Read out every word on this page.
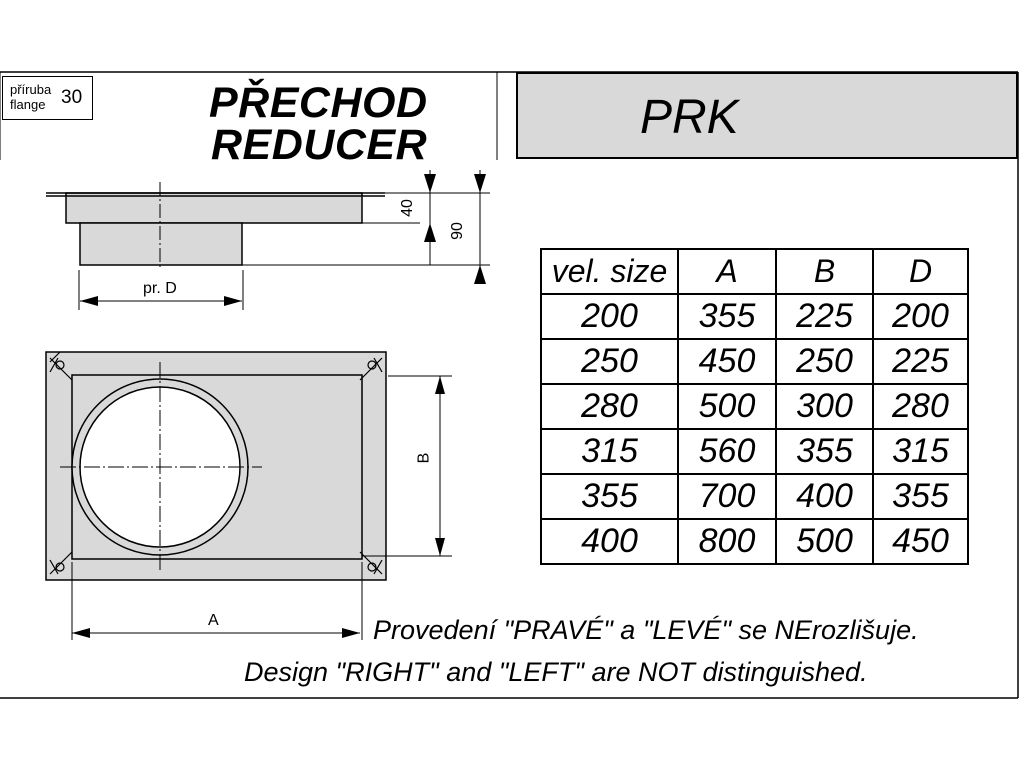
příruba
flange 30	PŘECHOD
REDUCER
PRK
40
90
pr. D
B
A
vel. size	A	B	D
200	355	225	200
250	450	250	225
280	500	300	280
315	560	355	315
355	700	400	355
400	800	500	450
Provedení "PRAVÉ" a "LEVÉ" se NErozlišuje.
Design "RIGHT" and "LEFT" are NOT distinguished.
